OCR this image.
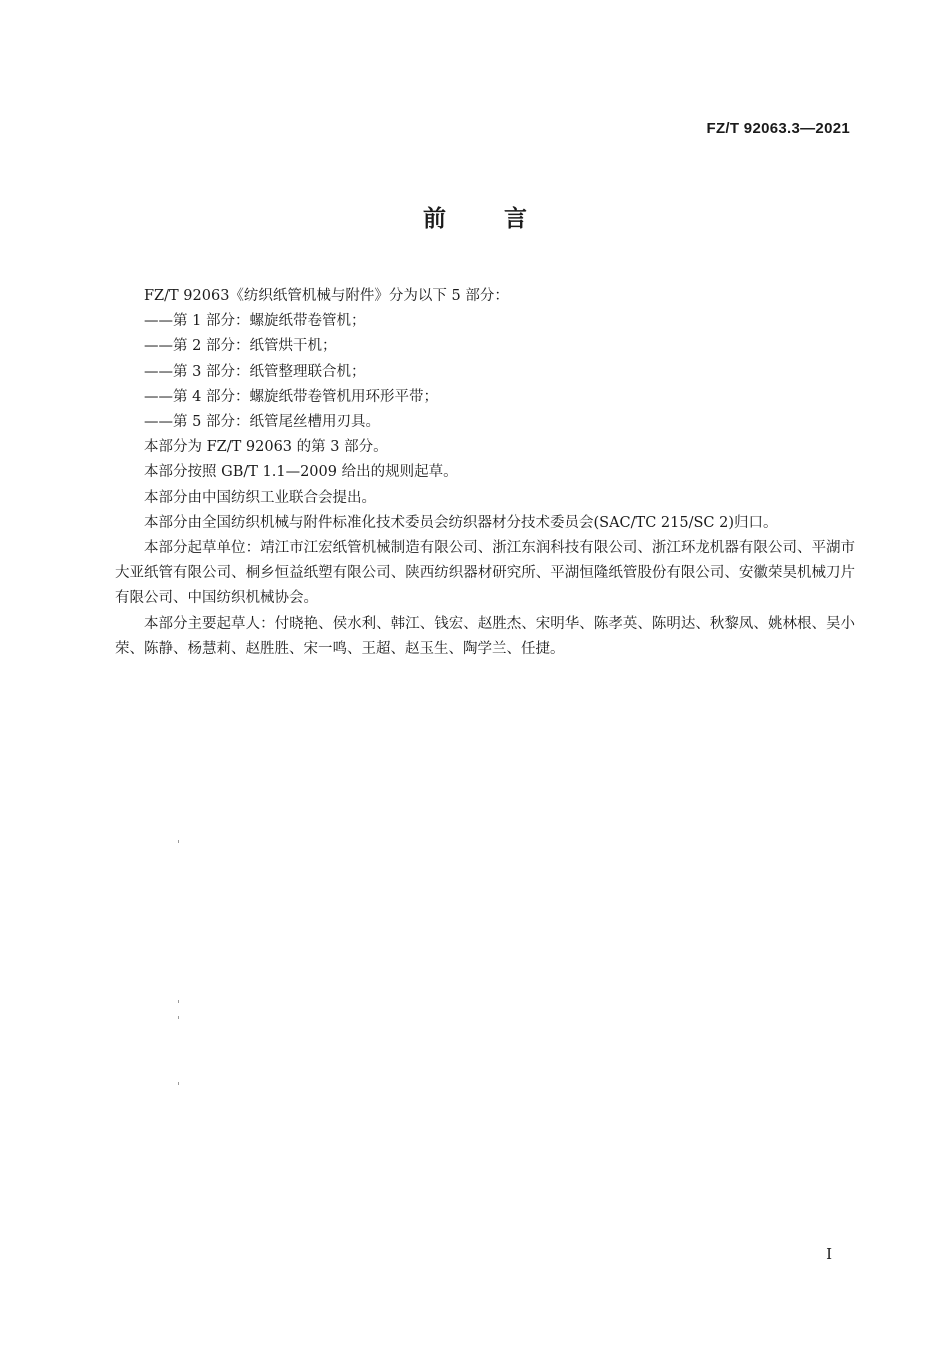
FZ/T 92063.3—2021
前言

FZ/T 92063《纺织纸管机械与附件》分为以下 5 部分：

——第 1 部分：螺旋纸带卷管机；

——第 2 部分：纸管烘干机；

——第 3 部分：纸管整理联合机；

——第 4 部分：螺旋纸带卷管机用环形平带；

——第 5 部分：纸管尾丝槽用刃具。

本部分为 FZ/T 92063 的第 3 部分。

本部分按照 GB/T 1.1—2009 给出的规则起草。

本部分由中国纺织工业联合会提出。

本部分由全国纺织机械与附件标准化技术委员会纺织器材分技术委员会(SAC/TC 215/SC 2)归口。

本部分起草单位：靖江市江宏纸管机械制造有限公司、浙江东润科技有限公司、浙江环龙机器有限公司、平湖市大亚纸管有限公司、桐乡恒益纸塑有限公司、陕西纺织器材研究所、平湖恒隆纸管股份有限公司、安徽荣昊机械刀片有限公司、中国纺织机械协会。

本部分主要起草人：付晓艳、侯水利、韩江、钱宏、赵胜杰、宋明华、陈孝英、陈明达、秋黎凤、姚林根、吴小荣、陈静、杨慧莉、赵胜胜、宋一鸣、王超、赵玉生、陶学兰、任捷。

I
